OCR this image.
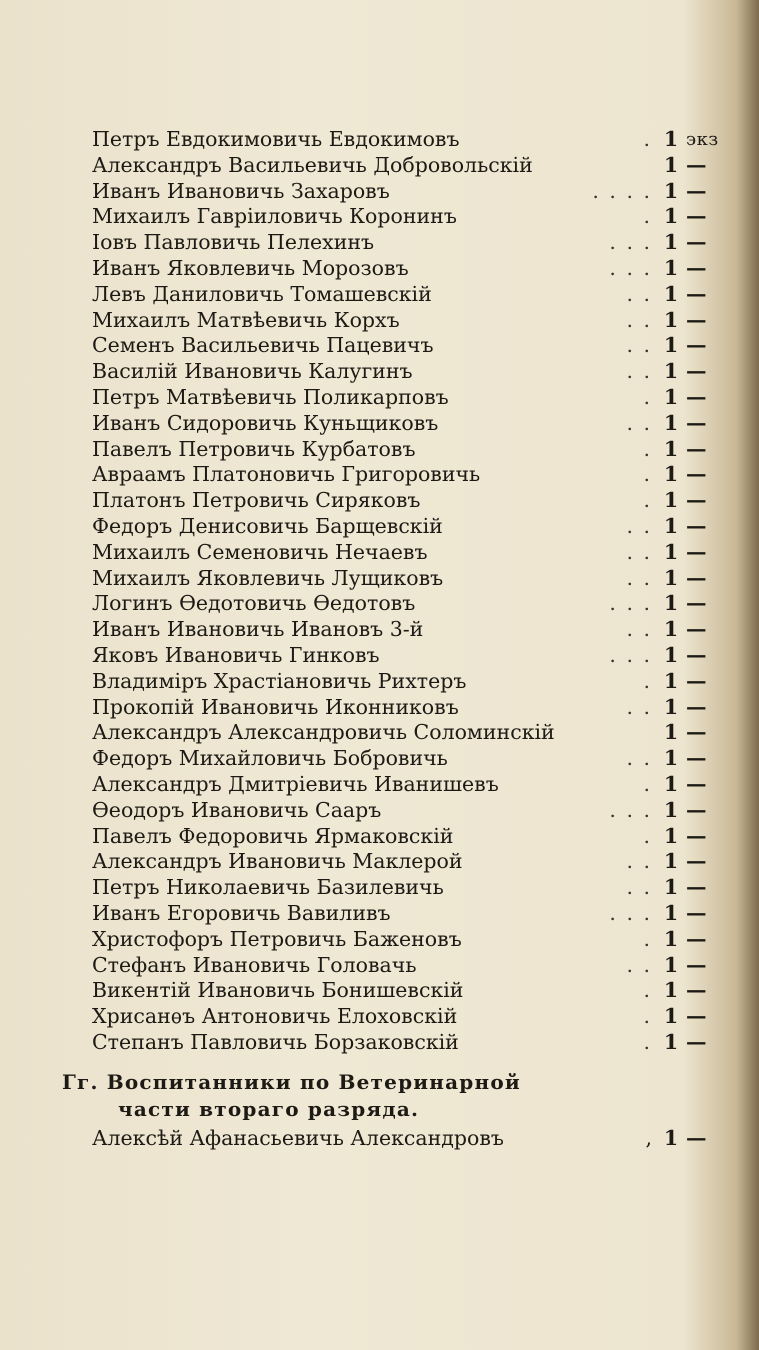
Петръ Евдокимовичь Евдокимовъ	. 1 экз
Александръ Васильевичь Добровольскій	1 —
Иванъ Ивановичь Захаровъ	. . . . 1 —
Михаилъ Гавріиловичь Коронинъ	. 1 —
Іовъ Павловичь Пелехинъ	. . . 1 —
Иванъ Яковлевичь Морозовъ	. . . 1 —
Левъ Даниловичь Томашевскій	. . 1 —
Михаилъ Матвѣевичь Корхъ	. . 1 —
Семенъ Васильевичь Пацевичъ	. . 1 —
Василій Ивановичь Калугинъ	. . 1 —
Петръ Матвѣевичь Поликарповъ	. 1 —
Иванъ Сидоровичь Куньщиковъ	. . 1 —
Павелъ Петровичь Курбатовъ	. 1 —
Авраамъ Платоновичь Григоровичь	. 1 —
Платонъ Петровичь Сиряковъ	. 1 —
Федоръ Денисовичь Барщевскій	. . 1 —
Михаилъ Семеновичь Нечаевъ	. . 1 —
Михаилъ Яковлевичь Лущиковъ	. . 1 —
Логинъ Ѳедотовичь Ѳедотовъ	. . . 1 —
Иванъ Ивановичь Ивановъ 3-й	. . 1 —
Яковъ Ивановичь Гинковъ	. . . 1 —
Владиміръ Храстіановичь Рихтеръ	. 1 —
Прокопій Ивановичь Иконниковъ	. . 1 —
Александръ Александровичь Соломинскій	1 —
Федоръ Михайловичь Бобровичь	. . 1 —
Александръ Дмитріевичь Иванишевъ	. 1 —
Ѳеодоръ Ивановичь Сааръ	. . . 1 —
Павелъ Федоровичь Ярмаковскій	. 1 —
Александръ Ивановичь Маклерой	. . 1 —
Петръ Николаевичь Базилевичь	. . 1 —
Иванъ Егоровичь Вавиливъ	. . . 1 —
Христофоръ Петровичь Баженовъ	. 1 —
Стефанъ Ивановичь Головачь	. . 1 —
Викентій Ивановичь Бонишевскій	. 1 —
Хрисанѳъ Антоновичь Елоховскій	. 1 —
Степанъ Павловичь Борзаковскій	. 1 —
Гг. Воспитанники по Ветеринарной
части втораго разряда.
Алексѣй Афанасьевичь Александровъ	, 1 —
